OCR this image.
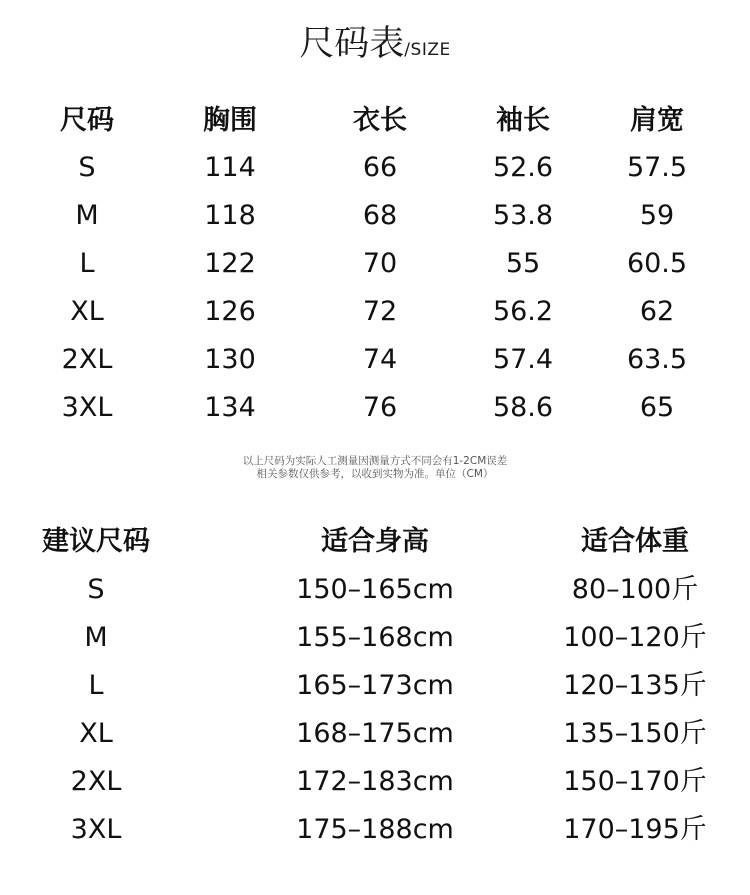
尺码表/SIZE
尺码	胸围	衣长	袖长	肩宽
S	114	66	52.6	57.5
M	118	68	53.8	59
L	122	70	55	60.5
XL	126	72	56.2	62
2XL	130	74	57.4	63.5
3XL	134	76	58.6	65
以上尺码为实际人工测量因测量方式不同会有1-2CM误差
相关参数仅供参考，以收到实物为准。单位（CM）
建议尺码	适合身高	适合体重
S	150–165cm	80–100斤
M	155–168cm	100–120斤
L	165–173cm	120–135斤
XL	168–175cm	135–150斤
2XL	172–183cm	150–170斤
3XL	175–188cm	170–195斤
